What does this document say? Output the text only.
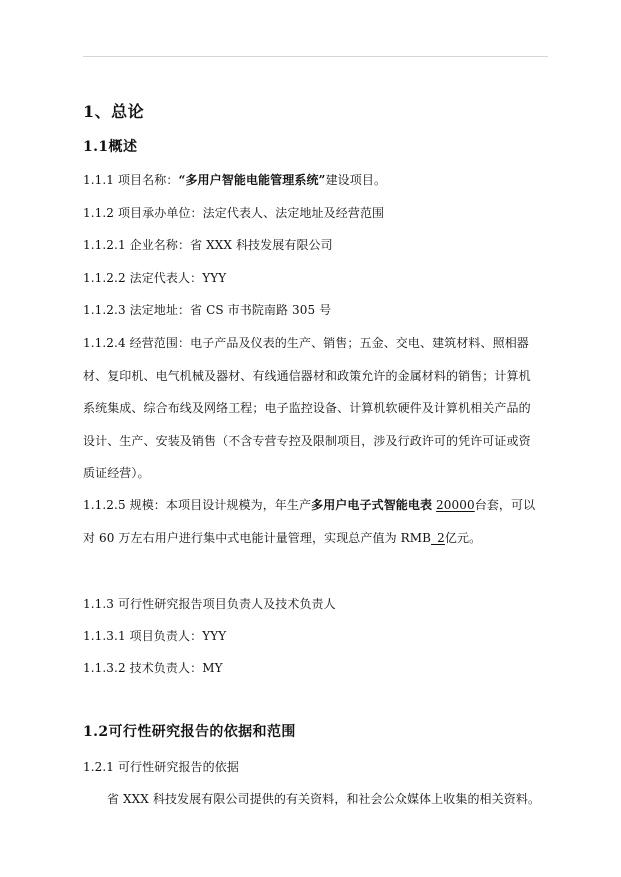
1、总论
1.1概述
1.1.1 项目名称：“多用户智能电能管理系统”建设项目。
1.1.2 项目承办单位：法定代表人、法定地址及经营范围
1.1.2.1 企业名称：省 XXX 科技发展有限公司
1.1.2.2 法定代表人：YYY
1.1.2.3 法定地址：省 CS 市书院南路 305 号
1.1.2.4 经营范围：电子产品及仪表的生产、销售；五金、交电、建筑材料、照相器
材、复印机、电气机械及器材、有线通信器材和政策允许的金属材料的销售；计算机
系统集成、综合布线及网络工程；电子监控设备、计算机软硬件及计算机相关产品的
设计、生产、安装及销售（不含专营专控及限制项目，涉及行政许可的凭许可证或资
质证经营）。
1.1.2.5 规模：本项目设计规模为，年生产多用户电子式智能电表 20000台套，可以
对 60 万左右用户进行集中式电能计量管理，实现总产值为 RMB_2亿元。
1.1.3 可行性研究报告项目负责人及技术负责人
1.1.3.1 项目负责人：YYY
1.1.3.2 技术负责人：MY
1.2可行性研究报告的依据和范围
1.2.1 可行性研究报告的依据
省 XXX 科技发展有限公司提供的有关资料，和社会公众媒体上收集的相关资料。
